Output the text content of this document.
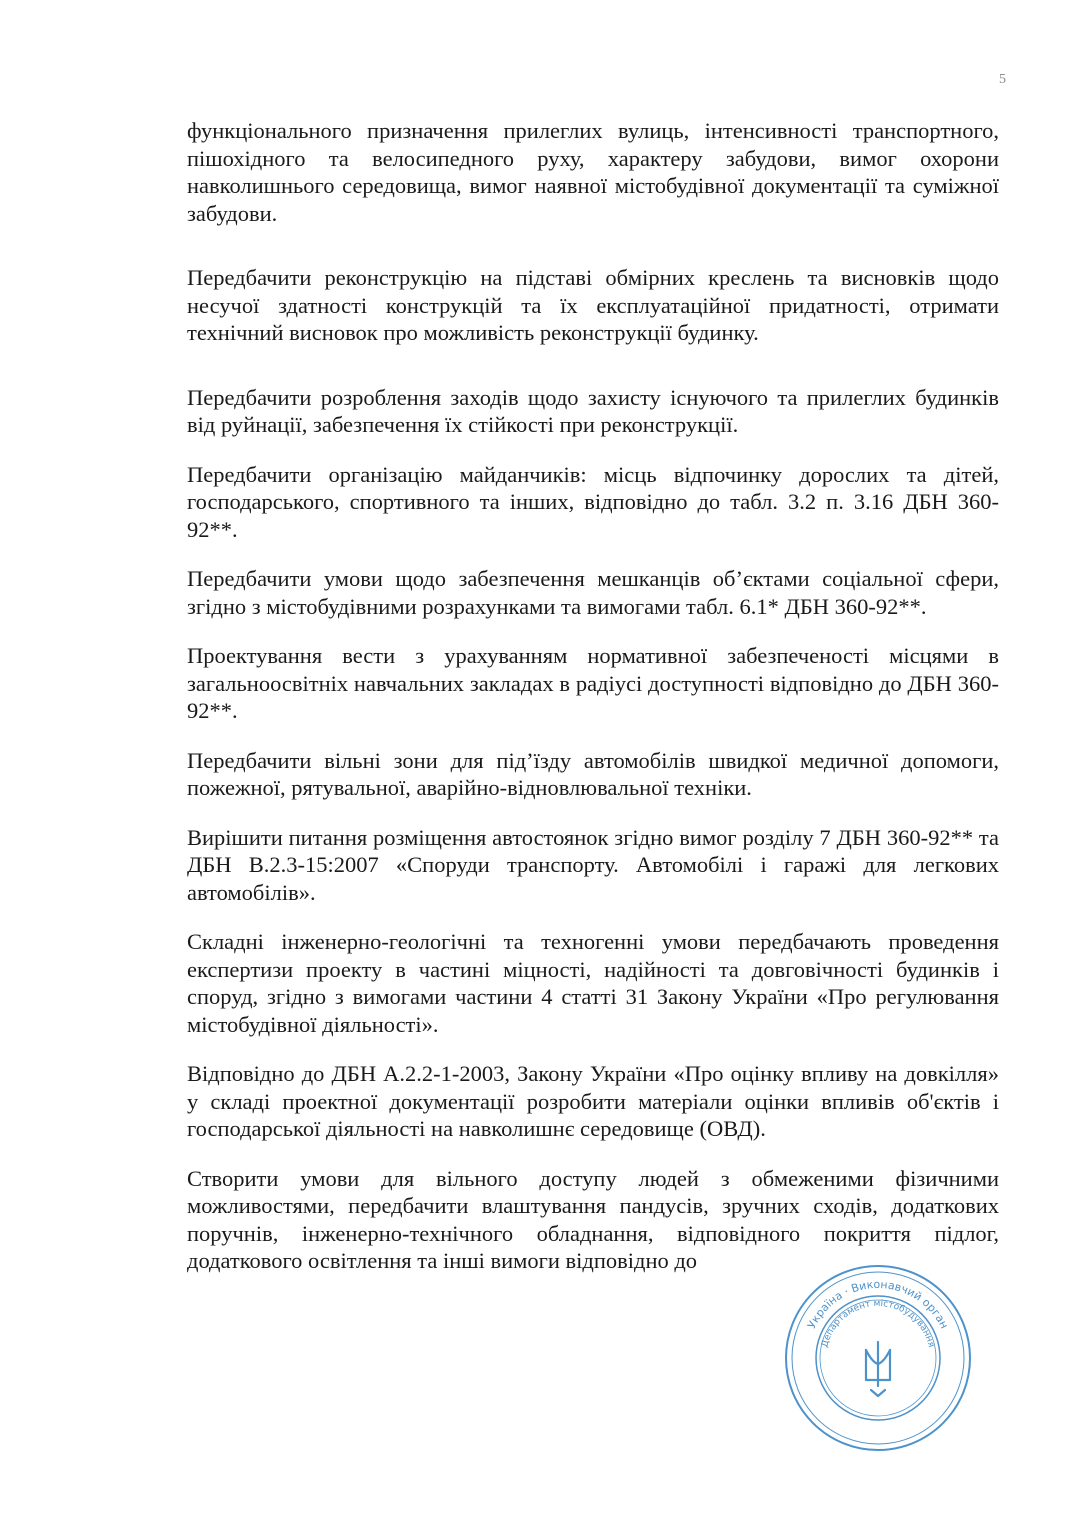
5

функціонального призначення прилеглих вулиць, інтенсивності транспортного, пішохідного та велосипедного руху, характеру забудови, вимог охорони навколишнього середовища, вимог наявної містобудівної документації та суміжної забудови.

Передбачити реконструкцію на підставі обмірних креслень та висновків щодо несучої здатності конструкцій та їх експлуатаційної придатності, отримати технічний висновок про можливість реконструкції будинку.

Передбачити розроблення заходів щодо захисту існуючого та прилеглих будинків від руйнації, забезпечення їх стійкості при реконструкції.

Передбачити організацію майданчиків: місць відпочинку дорослих та дітей, господарського, спортивного та інших, відповідно до табл. 3.2 п. 3.16 ДБН 360-92**.

Передбачити умови щодо забезпечення мешканців об’єктами соціальної сфери, згідно з містобудівними розрахунками та вимогами табл. 6.1* ДБН 360-92**.

Проектування вести з урахуванням нормативної забезпеченості місцями в загальноосвітніх навчальних закладах в радіусі доступності відповідно до ДБН 360-92**.

Передбачити вільні зони для під’їзду автомобілів швидкої медичної допомоги, пожежної, рятувальної, аварійно-відновлювальної техніки.

Вирішити питання розміщення автостоянок згідно вимог розділу 7 ДБН 360-92** та ДБН В.2.3-15:2007 «Споруди транспорту. Автомобілі і гаражі для легкових автомобілів».

Складні інженерно-геологічні та техногенні умови передбачають проведення експертизи проекту в частині міцності, надійності та довговічності будинків і споруд, згідно з вимогами частини 4 статті 31 Закону України «Про регулювання містобудівної діяльності».

Відповідно до ДБН А.2.2-1-2003, Закону України «Про оцінку впливу на довкілля» у складі проектної документації розробити матеріали оцінки впливів об'єктів і господарської діяльності на навколишнє середовище (ОВД).

Створити умови для вільного доступу людей з обмеженими фізичними можливостями, передбачити влаштування пандусів, зручних сходів, додаткових поручнів, інженерно-технічного обладнання, відповідного покриття підлог, додаткового освітлення та інші вимоги відповідно до

Україна · Виконавчий орган
Департамент містобудування
